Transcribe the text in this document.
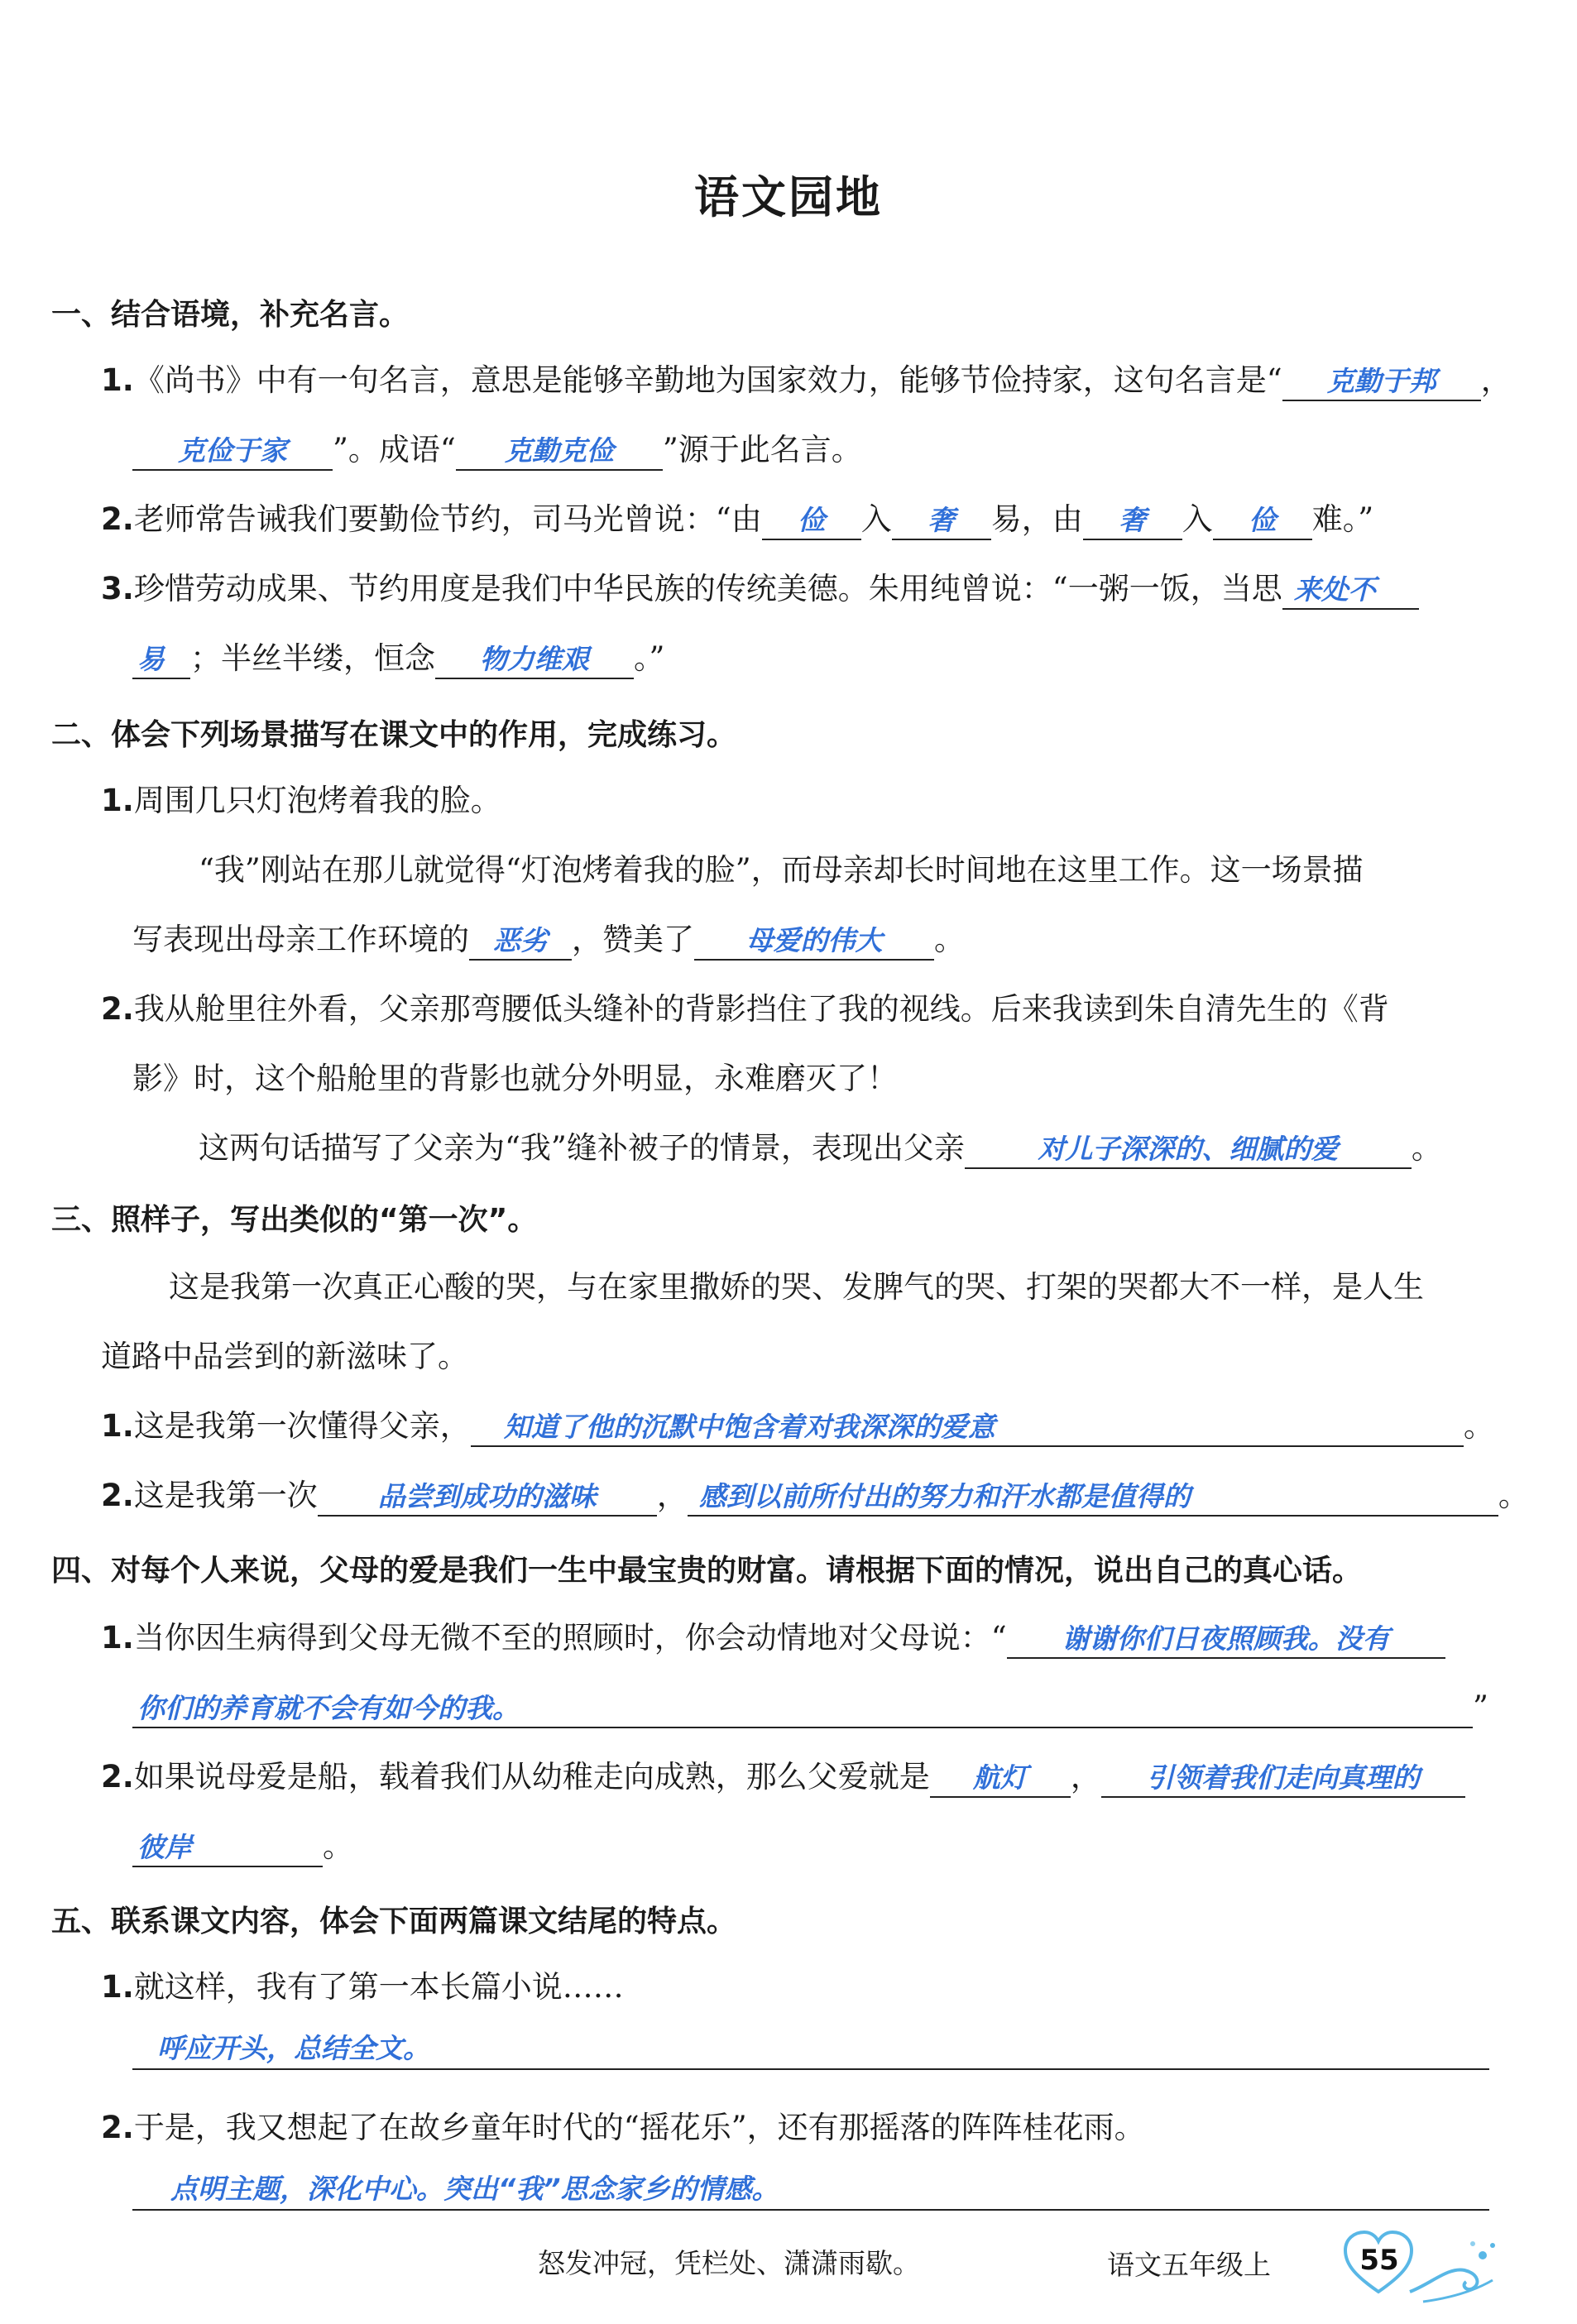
语文园地
一、结合语境，补充名言。
1.《尚书》中有一句名言，意思是能够辛勤地为国家效力，能够节俭持家，这句名言是“ 克勤于邦 ，
克俭于家 ”。成语“ 克勤克俭 ”源于此名言。
2.老师常告诫我们要勤俭节约，司马光曾说：“由 俭 入 奢 易，由 奢 入 俭 难。”
3.珍惜劳动成果、节约用度是我们中华民族的传统美德。朱用纯曾说：“一粥一饭，当思 来处不
易 ；半丝半缕，恒念 物力维艰 。”
二、体会下列场景描写在课文中的作用，完成练习。
1.周围几只灯泡烤着我的脸。
“我”刚站在那儿就觉得“灯泡烤着我的脸”，而母亲却长时间地在这里工作。这一场景描
写表现出母亲工作环境的 恶劣 ，赞美了 母爱的伟大 。
2.我从舱里往外看，父亲那弯腰低头缝补的背影挡住了我的视线。后来我读到朱自清先生的《背
影》时，这个船舱里的背影也就分外明显，永难磨灭了！
这两句话描写了父亲为“我”缝补被子的情景，表现出父亲	对儿子深深的、细腻的爱 。
三、照样子，写出类似的“第一次”。
这是我第一次真正心酸的哭，与在家里撒娇的哭、发脾气的哭、打架的哭都大不一样，是人生
道路中品尝到的新滋味了。
1.这是我第一次懂得父亲， 知道了他的沉默中饱含着对我深深的爱意	。
2.这是我第一次 品尝到成功的滋味 ， 感到以前所付出的努力和汗水都是值得的	。
四、对每个人来说，父母的爱是我们一生中最宝贵的财富。请根据下面的情况，说出自己的真心话。
1.当你因生病得到父母无微不至的照顾时，你会动情地对父母说：“ 谢谢你们日夜照顾我。没有
你们的养育就不会有如今的我。	”
2.如果说母爱是船，载着我们从幼稚走向成熟，那么父爱就是 航灯 ， 引领着我们走向真理的
彼岸	。
五、联系课文内容，体会下面两篇课文结尾的特点。
1.就这样，我有了第一本长篇小说……
呼应开头，总结全文。
2.于是，我又想起了在故乡童年时代的“摇花乐”，还有那摇落的阵阵桂花雨。
点明主题，深化中心。突出“我”思念家乡的情感。
怒发冲冠，凭栏处、潇潇雨歇。	语文五年级上	55
